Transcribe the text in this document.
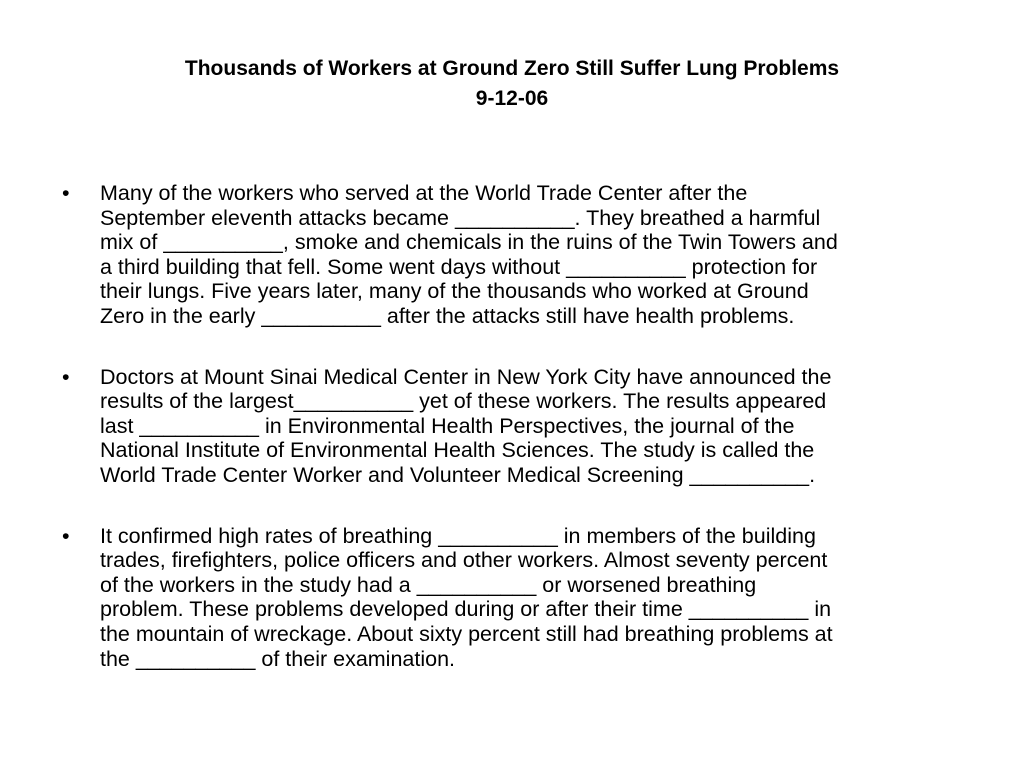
Thousands of Workers at Ground Zero Still Suffer Lung Problems
9-12-06
• Many of the workers who served at the World Trade Center after the
September eleventh attacks became __________. They breathed a harmful
mix of __________, smoke and chemicals in the ruins of the Twin Towers and
a third building that fell. Some went days without __________ protection for
their lungs. Five years later, many of the thousands who worked at Ground
Zero in the early __________ after the attacks still have health problems.
• Doctors at Mount Sinai Medical Center in New York City have announced the
results of the largest__________ yet of these workers. The results appeared
last __________ in Environmental Health Perspectives, the journal of the
National Institute of Environmental Health Sciences. The study is called the
World Trade Center Worker and Volunteer Medical Screening __________.
• It confirmed high rates of breathing __________ in members of the building
trades, firefighters, police officers and other workers. Almost seventy percent
of the workers in the study had a __________ or worsened breathing
problem. These problems developed during or after their time __________ in
the mountain of wreckage. About sixty percent still had breathing problems at
the __________ of their examination.
